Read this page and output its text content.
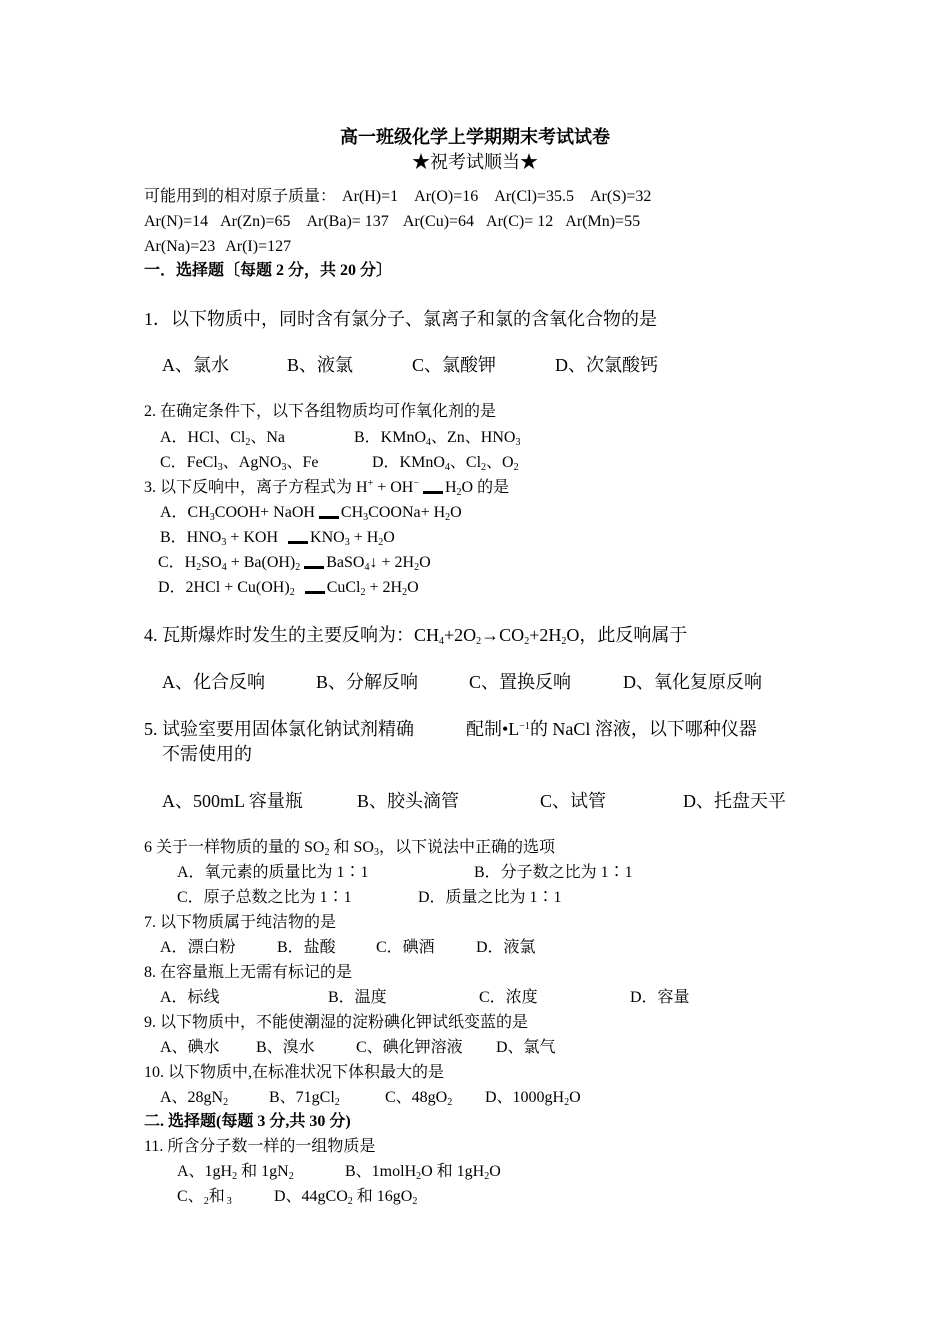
高一班级化学上学期期末考试试卷
★祝考试顺当★
可能用到的相对原子质量： Ar(H)=1 Ar(O)=16 Ar(Cl)=35.5 Ar(S)=32
Ar(N)=14 Ar(Zn)=65 Ar(Ba)= 137 Ar(Cu)=64 Ar(C)= 12 Ar(Mn)=55
Ar(Na)=23 Ar(I)=127
一．选择题〔每题 2 分，共 20 分〕
1．以下物质中，同时含有氯分子、氯离子和氯的含氧化合物的是
A、氯水	B、液氯	C、氯酸钾	D、次氯酸钙
2. 在确定条件下，以下各组物质均可作氧化剂的是
A．HCl、$Cl_2$、Na	B．KMnO$_4$、Zn、$HNO_3$
C．FeCl$_3$、AgNO$_3$、Fe	D．KMnO$_4$、$Cl_2$、$O_2$
3. 以下反响中，离子方程式为 H+ + OH− $H_2O$ 的是
A．$CH_3COOH+$ NaOH $CH_3COONa+ H_2O$
B．$HNO_3$ + KOH $KNO_3 + H_2O$
C．$H_2SO_4 + Ba(OH)_2$ BaSO$_4$↓ + $2H_2O$
D．$2HCl + Cu(OH)_2$ CuCl$_2$ + $2H_2O$
4. 瓦斯爆炸时发生的主要反响为：$CH_4+2O_2\to CO_2+2H_2O$，此反响属于
A、化合反响	B、分解反响	C、置换反响	D、氧化复原反响
5. 试验室要用固体氯化钠试剂精确	配制$•L^{-1}$的 NaCl 溶液，以下哪种仪器
不需使用的
A、500mL 容量瓶	B、胶头滴管	C、试管	D、托盘天平
6 关于一样物质的量的 $SO_2$ 和 $SO_3$，以下说法中正确的选项
A．氧元素的质量比为 1∶1	B．分子数之比为 1∶1
C．原子总数之比为 1∶1	D．质量之比为 1∶1
7. 以下物质属于纯洁物的是
A．漂白粉	B．盐酸	C．碘酒	D．液氯
8. 在容量瓶上无需有标记的是
A．标线	B．温度	C．浓度	D．容量
9. 以下物质中，不能使潮湿的淀粉碘化钾试纸变蓝的是
A、碘水 B、溴水	C、碘化钾溶液 D、氯气
10. 以下物质中,在标准状况下体积最大的是
A、$28gN_2$	B、71gCl$_2$	C、$48gO_2$ D、$1000gH_2O$
二. 选择题(每题 3 分,共 30 分)
11. 所含分子数一样的一组物质是
A、$1gH_2$ 和 $1gN_2$	B、1molH$_2$O 和 $1gH_2O$
C、$_2$和 $_3$	D、44gCO$_2$ 和 $16gO_2$
